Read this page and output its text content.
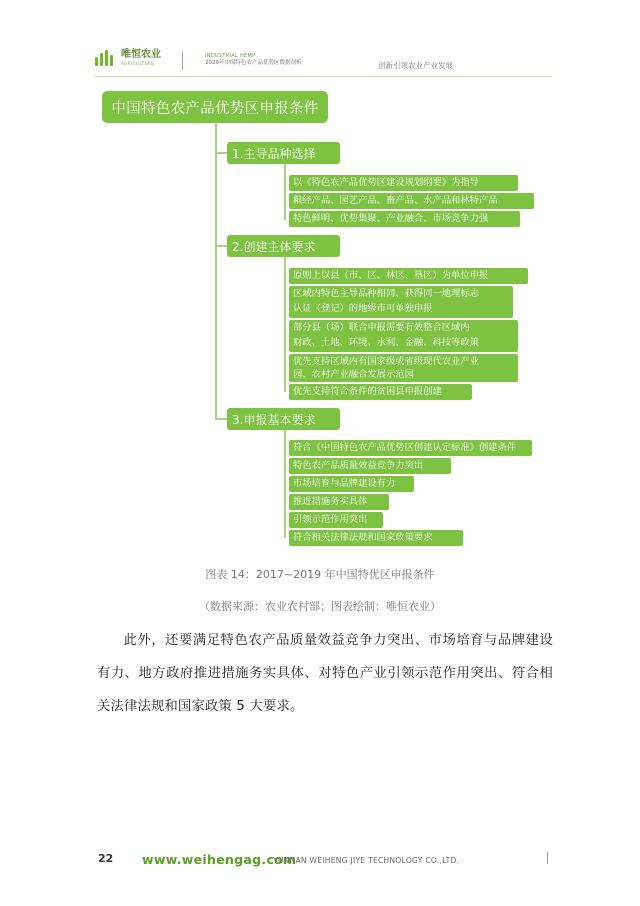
唯恒农业
AGRICULTURE
INDUSTRIAL HEMP
2020年中国特色农产品优势区数据剖析	创新引领农业产业发展
中国特色农产品优势区申报条件
1.主导品种选择
以《特色农产品优势区建设规划纲要》为指导
粮经产品、园艺产品、畜产品、水产品和林特产品
特色鲜明、优势集聚、产业融合、市场竞争力强
2.创建主体要求
原则上以县（市、区、林区、垦区）为单位申报
区域内特色主导品种相同、获得同一地理标志
认证（登记）的地级市可单独申报
部分县（场）联合申报需要有效整合区域内
财政、土地、环境、水利、金融、科技等政策
优先支持区域内有国家级或省级现代农业产业
园、农村产业融合发展示范园
优先支持符合条件的贫困县申报创建
3.申报基本要求
符合《中国特色农产品优势区创建认定标准》创建条件
特色农产品质量效益竞争力突出
市场培育与品牌建设有力
推进措施务实具体
引领示范作用突出
符合相关法律法规和国家政策要求
图表 14：2017~2019 年中国特优区申报条件
（数据来源：农业农村部；图表绘制：唯恒农业）
此外，还要满足特色农产品质量效益竞争力突出、市场培育与品牌建设有力、地方政府推进措施务实具体、对特色产业引领示范作用突出、符合相关法律法规和国家政策 5 大要求。
22 www.weihengag.com
YUNNAN WEIHENG JIYE TECHNOLOGY CO.,LTD.
